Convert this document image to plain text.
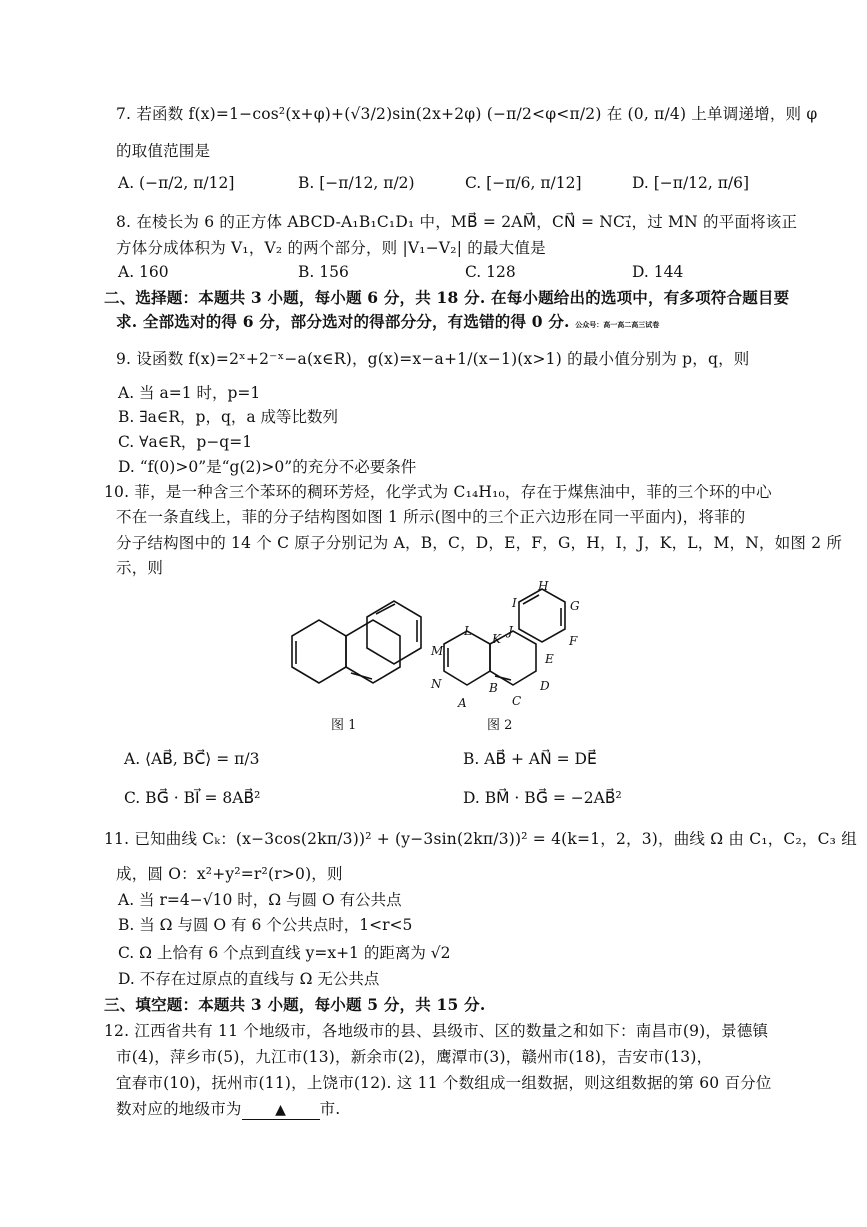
7. 若函数 f(x)=1−cos²(x+φ)+(√3/2)sin(2x+2φ) (−π/2<φ<π/2) 在 (0, π/4) 上单调递增，则 φ
的取值范围是
A. (−π/2, π/12]	B. [−π/12, π/2)	C. [−π/6, π/12]	D. [−π/12, π/6]
8. 在棱长为 6 的正方体 ABCD-A₁B₁C₁D₁ 中，MB⃗ = 2AM⃗，CN⃗ = NC₁⃗，过 MN 的平面将该正
方体分成体积为 V₁，V₂ 的两个部分，则 |V₁−V₂| 的最大值是
A. 160	B. 156	C. 128	D. 144
二、选择题：本题共 3 小题，每小题 6 分，共 18 分. 在每小题给出的选项中，有多项符合题目要
求. 全部选对的得 6 分，部分选对的得部分分，有选错的得 0 分. 公众号：高一高二高三试卷
9. 设函数 f(x)=2ˣ+2⁻ˣ−a(x∈R)，g(x)=x−a+1/(x−1)(x>1) 的最小值分别为 p，q，则
A. 当 a=1 时，p=1
B. ∃a∈R，p，q，a 成等比数列
C. ∀a∈R，p−q=1
D. “f(0)>0”是“g(2)>0”的充分不必要条件
10. 菲，是一种含三个苯环的稠环芳烃，化学式为 C₁₄H₁₀，存在于煤焦油中，菲的三个环的中心
不在一条直线上，菲的分子结构图如图 1 所示(图中的三个正六边形在同一平面内)，将菲的
分子结构图中的 14 个 C 原子分别记为 A，B，C，D，E，F，G，H，I，J，K，L，M，N，如图 2 所
示，则
A
B
C
D
E
F
G
H
I
J
K
L
M
N
图 1	图 2
A. ⟨AB⃗, BC⃗⟩ = π/3	B. AB⃗ + AN⃗ = DE⃗
C. BG⃗ · BI⃗ = 8AB⃗²	D. BM⃗ · BG⃗ = −2AB⃗²
11. 已知曲线 Cₖ：(x−3cos(2kπ/3))² + (y−3sin(2kπ/3))² = 4(k=1，2，3)，曲线 Ω 由 C₁，C₂，C₃ 组
成，圆 O：x²+y²=r²(r>0)，则
A. 当 r=4−√10 时，Ω 与圆 O 有公共点
B. 当 Ω 与圆 O 有 6 个公共点时，1<r<5
C. Ω 上恰有 6 个点到直线 y=x+1 的距离为 √2
D. 不存在过原点的直线与 Ω 无公共点
三、填空题：本题共 3 小题，每小题 5 分，共 15 分.
12. 江西省共有 11 个地级市，各地级市的县、县级市、区的数量之和如下：南昌市(9)，景德镇
市(4)，萍乡市(5)，九江市(13)，新余市(2)，鹰潭市(3)，赣州市(18)，吉安市(13)，
宜春市(10)，抚州市(11)，上饶市(12). 这 11 个数组成一组数据，则这组数据的第 60 百分位
数对应的地级市为 ▲ 市.
